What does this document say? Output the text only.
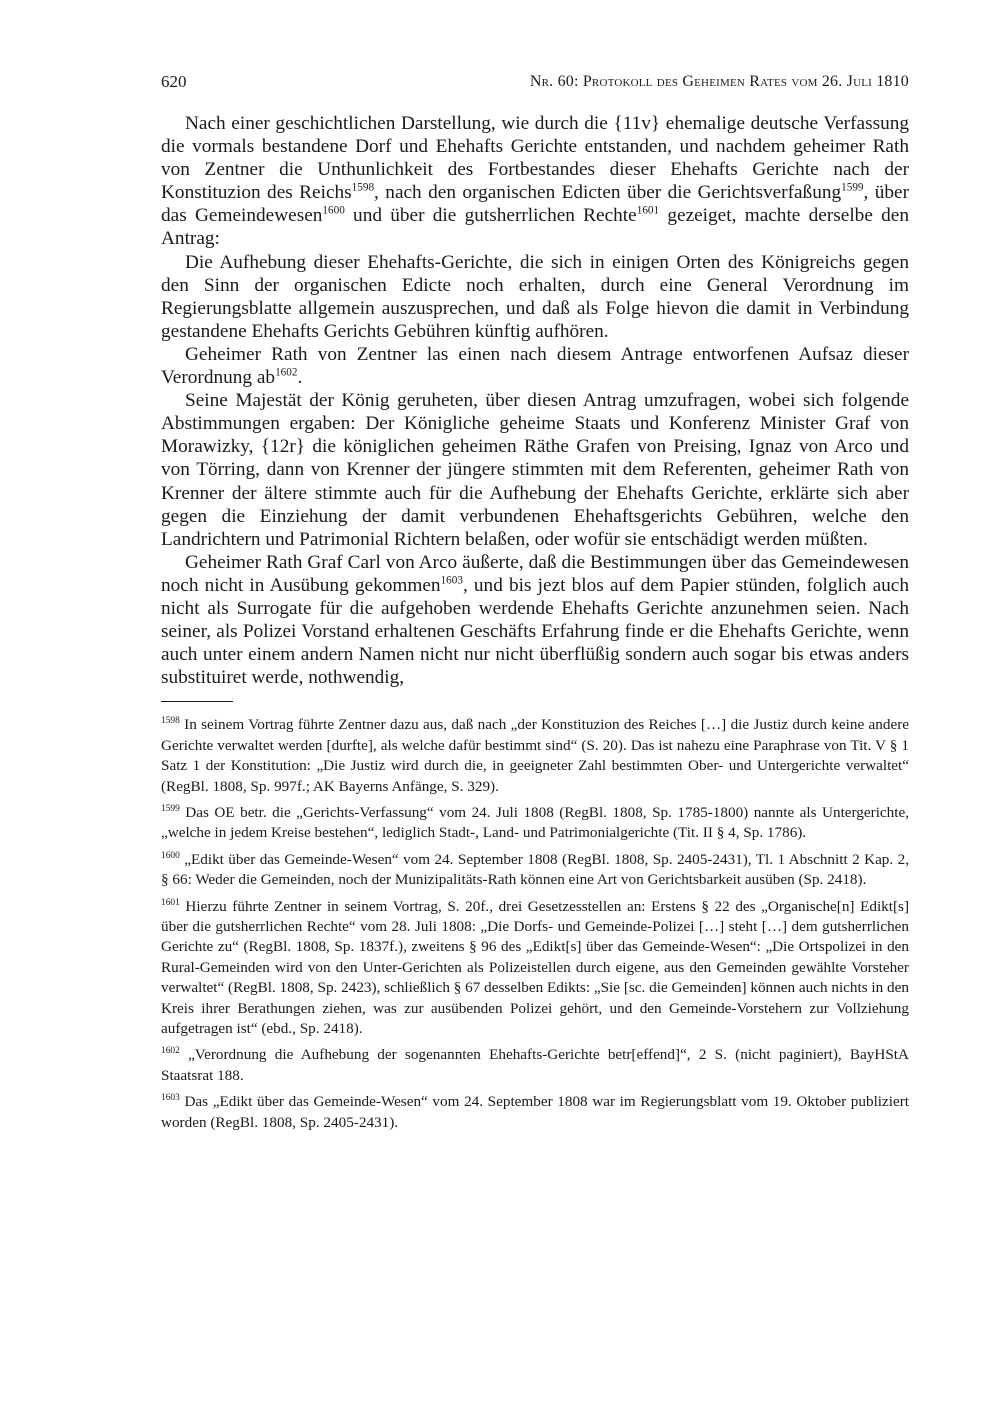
620	Nr. 60: Protokoll des Geheimen Rates vom 26. Juli 1810

Nach einer geschichtlichen Darstellung, wie durch die {11v} ehemalige deutsche Verfassung die vormals bestandene Dorf und Ehehafts Gerichte entstanden, und nachdem geheimer Rath von Zentner die Unthunlichkeit des Fortbestandes dieser Ehehafts Gerichte nach der Konstituzion des Reichs$^{1598}$, nach den organischen Edicten über die Gerichtsverfaßung$^{1599}$, über das Gemeindewesen$^{1600}$ und über die gutsherrlichen Rechte$^{1601}$ gezeiget, machte derselbe den Antrag:

Die Aufhebung dieser Ehehafts-Gerichte, die sich in einigen Orten des Königreichs gegen den Sinn der organischen Edicte noch erhalten, durch eine General Verordnung im Regierungsblatte allgemein auszusprechen, und daß als Folge hievon die damit in Verbindung gestandene Ehehafts Gerichts Gebühren künftig aufhören.

Geheimer Rath von Zentner las einen nach diesem Antrage entworfenen Aufsaz dieser Verordnung $ab^{1602}$.

Seine Majestät der König geruheten, über diesen Antrag umzufragen, wobei sich folgende Abstimmungen ergaben: Der Königliche geheime Staats und Konferenz Minister Graf von Morawizky, {12r} die königlichen geheimen Räthe Grafen von Preising, Ignaz von Arco und von Törring, dann von Krenner der jüngere stimmten mit dem Referenten, geheimer Rath von Krenner der ältere stimmte auch für die Aufhebung der Ehehafts Gerichte, erklärte sich aber gegen die Einziehung der damit verbundenen Ehehaftsgerichts Gebühren, welche den Landrichtern und Patrimonial Richtern belaßen, oder wofür sie entschädigt werden müßten.

Geheimer Rath Graf Carl von Arco äußerte, daß die Bestimmungen über das Gemeindewesen noch nicht in Ausübung gekommen$^{1603}$, und bis jezt blos auf dem Papier stünden, folglich auch nicht als Surrogate für die aufgehoben werdende Ehehafts Gerichte anzunehmen seien. Nach seiner, als Polizei Vorstand erhaltenen Geschäfts Erfahrung finde er die Ehehafts Gerichte, wenn auch unter einem andern Namen nicht nur nicht überflüßig sondern auch sogar bis etwas anders substituiret werde, nothwendig,

$^{1598}$ In seinem Vortrag führte Zentner dazu aus, daß nach „der Konstituzion des Reiches […] die Justiz durch keine andere Gerichte verwaltet werden [durfte], als welche dafür bestimmt sind“ (S. 20). Das ist nahezu eine Paraphrase von Tit. V § 1 Satz 1 der Konstitution: „Die Justiz wird durch die, in geeigneter Zahl bestimmten Ober- und Untergerichte verwaltet“ (RegBl. 1808, Sp. 997f.; AK Bayerns Anfänge, S. 329).

$^{1599}$ Das OE betr. die „Gerichts-Verfassung“ vom 24. Juli 1808 (RegBl. 1808, Sp. 1785-1800) nannte als Untergerichte, „welche in jedem Kreise bestehen“, lediglich Stadt-, Land- und Patrimonialgerichte (Tit. II § 4, Sp. 1786).

$^{1600}$ „Edikt über das Gemeinde-Wesen“ vom 24. September 1808 (RegBl. 1808, Sp. 2405-2431), Tl. 1 Abschnitt 2 Kap. 2, § 66: Weder die Gemeinden, noch der Munizipalitäts-Rath können eine Art von Gerichtsbarkeit ausüben (Sp. 2418).

$^{1601}$ Hierzu führte Zentner in seinem Vortrag, S. 20f., drei Gesetzesstellen an: Erstens § 22 des „Organische[n] Edikt[s] über die gutsherrlichen Rechte“ vom 28. Juli 1808: „Die Dorfs- und Gemeinde-Polizei […] steht […] dem gutsherrlichen Gerichte zu“ (RegBl. 1808, Sp. 1837f.), zweitens § 96 des „Edikt[s] über das Gemeinde-Wesen“: „Die Ortspolizei in den Rural-Gemeinden wird von den Unter-Gerichten als Polizeistellen durch eigene, aus den Gemeinden gewählte Vorsteher verwaltet“ (RegBl. 1808, Sp. 2423), schließlich § 67 desselben Edikts: „Sie [sc. die Gemeinden] können auch nichts in den Kreis ihrer Berathungen ziehen, was zur ausübenden Polizei gehört, und den Gemeinde-Vorstehern zur Vollziehung aufgetragen ist“ (ebd., Sp. 2418).

$^{1602}$ „Verordnung die Aufhebung der sogenannten Ehehafts-Gerichte betr[effend]“, 2 S. (nicht paginiert), BayHStA Staatsrat 188.

$^{1603}$ Das „Edikt über das Gemeinde-Wesen“ vom 24. September 1808 war im Regierungsblatt vom 19. Oktober publiziert worden (RegBl. 1808, Sp. 2405-2431).
